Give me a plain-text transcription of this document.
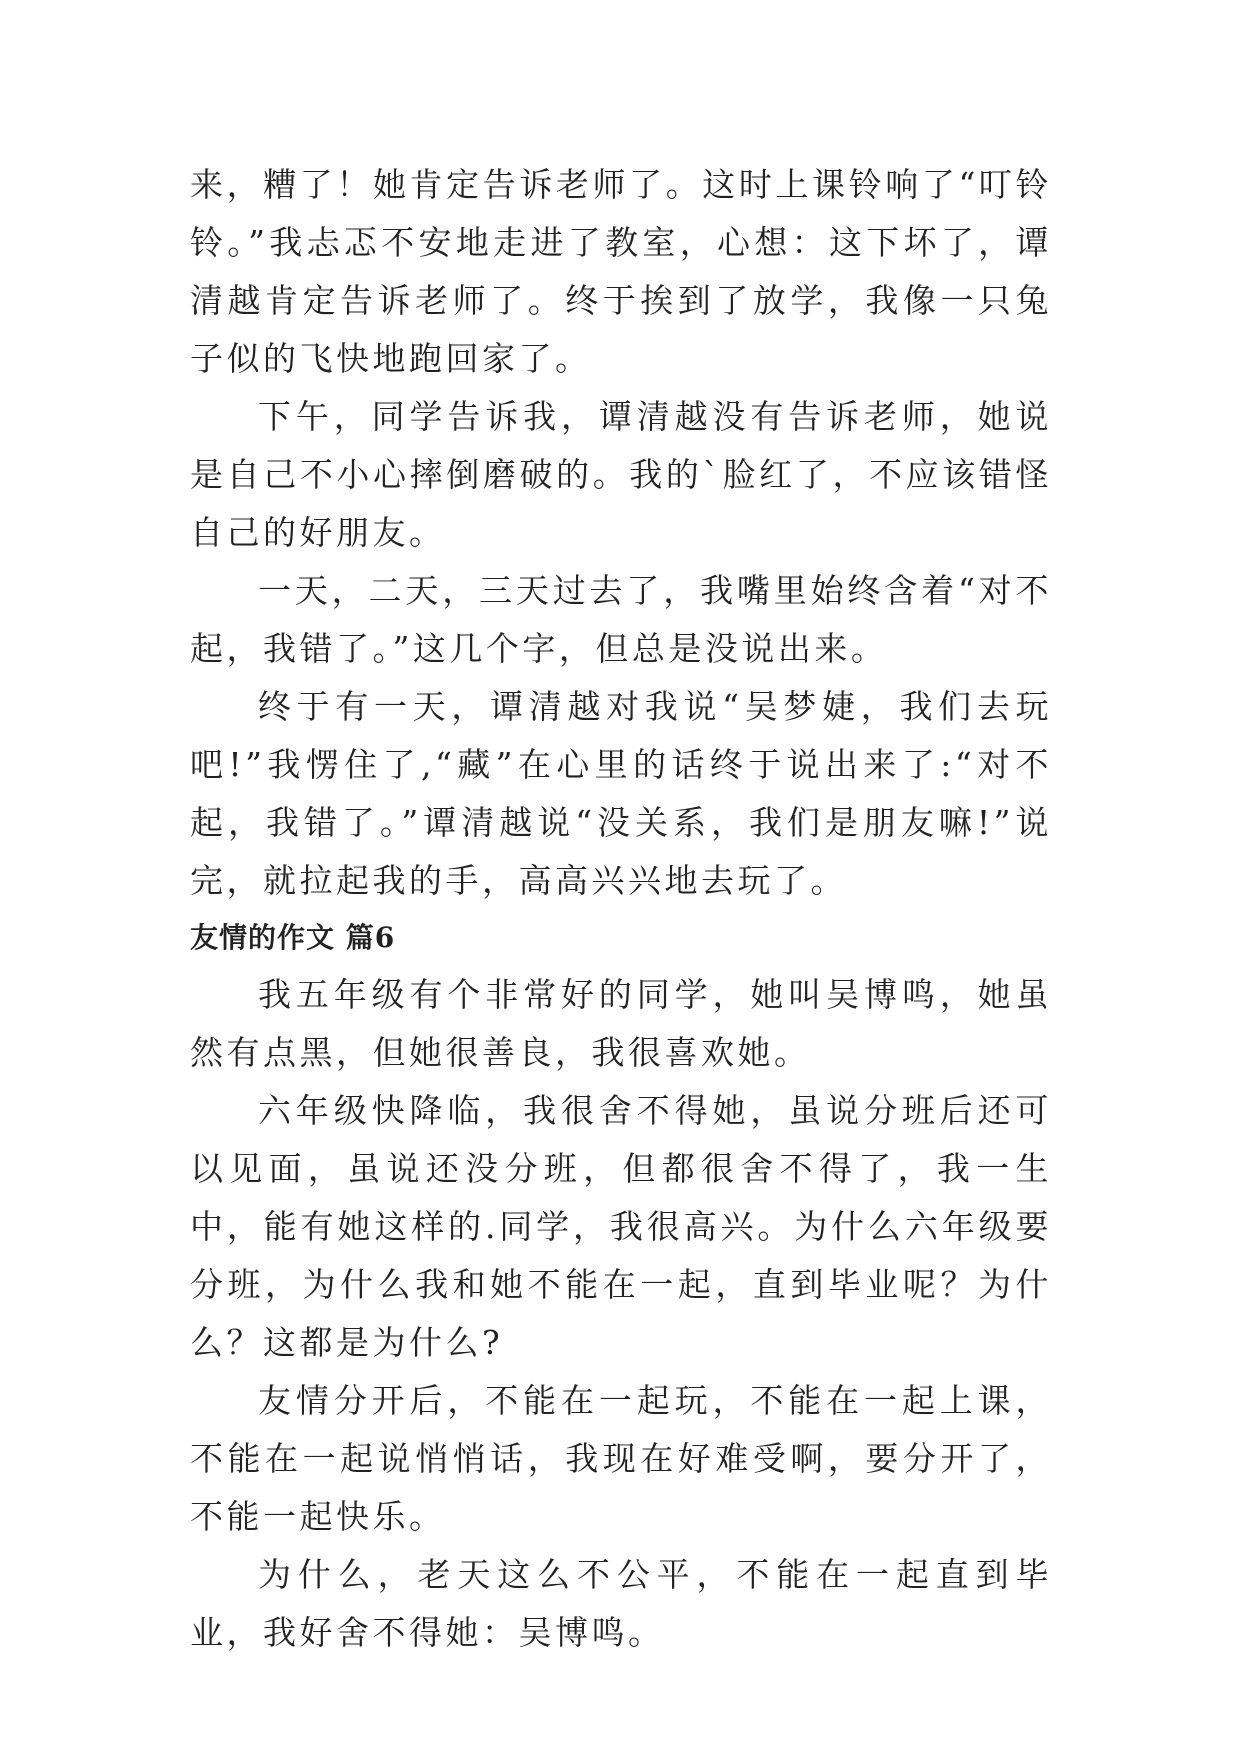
来，糟了！她肯定告诉老师了。这时上课铃响了“叮铃铃。”我忐忑不安地走进了教室，心想：这下坏了，谭清越肯定告诉老师了。终于挨到了放学，我像一只兔子似的飞快地跑回家了。

下午，同学告诉我，谭清越没有告诉老师，她说是自己不小心摔倒磨破的。我的`脸红了，不应该错怪自己的好朋友。

一天，二天，三天过去了，我嘴里始终含着“对不起，我错了。”这几个字，但总是没说出来。

终于有一天，谭清越对我说“吴梦婕，我们去玩吧!”我愣住了,“藏”在心里的话终于说出来了:“对不起，我错了。”谭清越说“没关系，我们是朋友嘛!”说完，就拉起我的手，高高兴兴地去玩了。

友情的作文 篇6

我五年级有个非常好的同学，她叫吴博鸣，她虽然有点黑，但她很善良，我很喜欢她。

六年级快降临，我很舍不得她，虽说分班后还可以见面，虽说还没分班，但都很舍不得了，我一生中，能有她这样的.同学，我很高兴。为什么六年级要分班，为什么我和她不能在一起，直到毕业呢？为什么？这都是为什么?

友情分开后，不能在一起玩，不能在一起上课，不能在一起说悄悄话，我现在好难受啊，要分开了，不能一起快乐。

为什么，老天这么不公平，不能在一起直到毕业，我好舍不得她：吴博鸣。
